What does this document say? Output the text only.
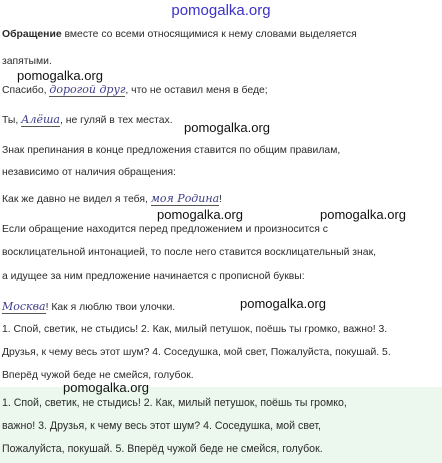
pomogalka.org
Обращение вместе со всеми относящимися к нему словами выделяется
запятыми.
pomogalka.org
Спасибо, дорогой друг, что не оставил меня в беде;
Ты, Алёша, не гуляй в тех местах. pomogalka.org
Знак препинания в конце предложения ставится по общим правилам,
независимо от наличия обращения:
Как же давно не видел я тебя, моя Родина!
pomogalka.org	pomogalka.org
Если обращение находится перед предложением и произносится с
восклицательной интонацией, то после него ставится восклицательный знак,
а идущее за ним предложение начинается с прописной буквы:
pomogalka.org
Москва! Как я люблю твои улочки.
1. Спой, светик, не стыдись! 2. Как, милый петушок, поёшь ты громко, важно! 3.
Друзья, к чему весь этот шум? 4. Соседушка, мой свет, Пожалуйста, покушай. 5.
Вперёд чужой беде не смейся, голубок.
1. Спой, светик, не стыдись! 2. Как, милый петушок, поёшь ты громко,
важно! 3. Друзья, к чему весь этот шум? 4. Соседушка, мой свет,
Пожалуйста, покушай. 5. Вперёд чужой беде не смейся, голубок.
pomogalka.org
